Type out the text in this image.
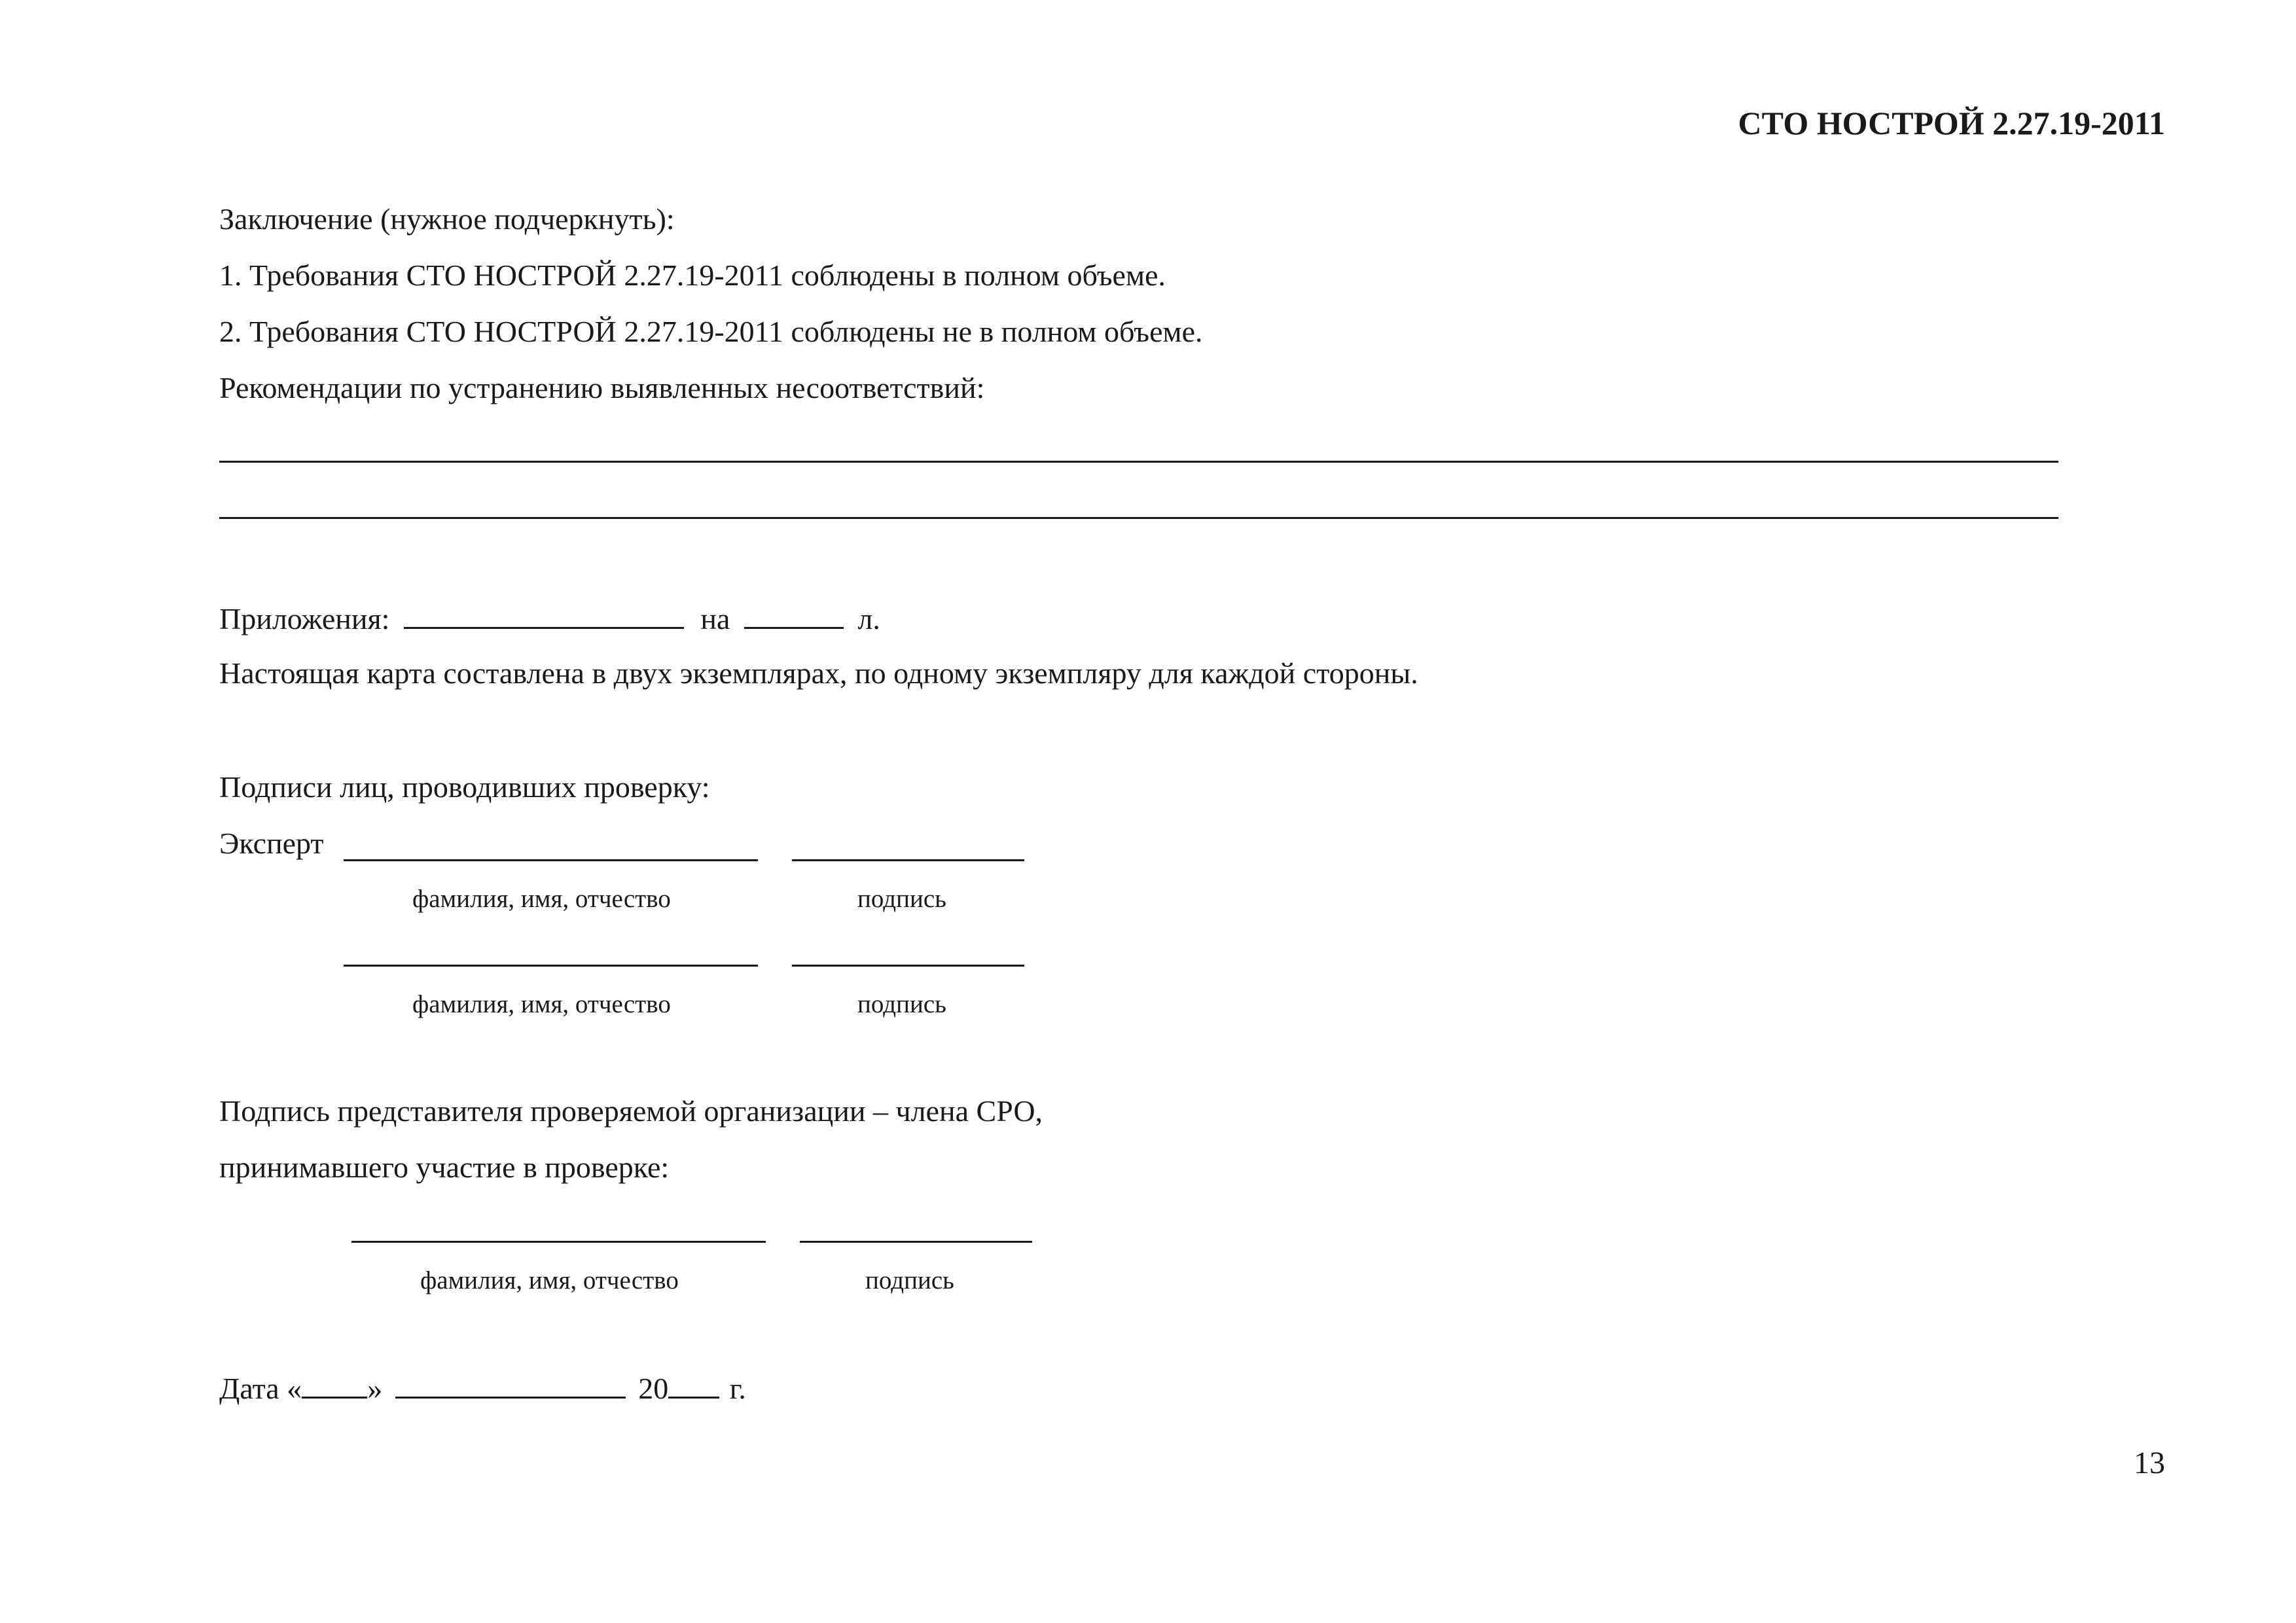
СТО НОСТРОЙ 2.27.19-2011
Заключение (нужное подчеркнуть):
1. Требования СТО НОСТРОЙ 2.27.19-2011 соблюдены в полном объеме.
2. Требования СТО НОСТРОЙ 2.27.19-2011 соблюдены не в полном объеме.
Рекомендации по устранению выявленных несоответствий:
Приложения:	на	л.
Настоящая карта составлена в двух экземплярах, по одному экземпляру для каждой стороны.
Подписи лиц, проводивших проверку:
Эксперт
фамилия, имя, отчество	подпись
фамилия, имя, отчество	подпись
Подпись представителя проверяемой организации – члена СРО,
принимавшего участие в проверке:
фамилия, имя, отчество	подпись
Дата « »	20 г.
13
